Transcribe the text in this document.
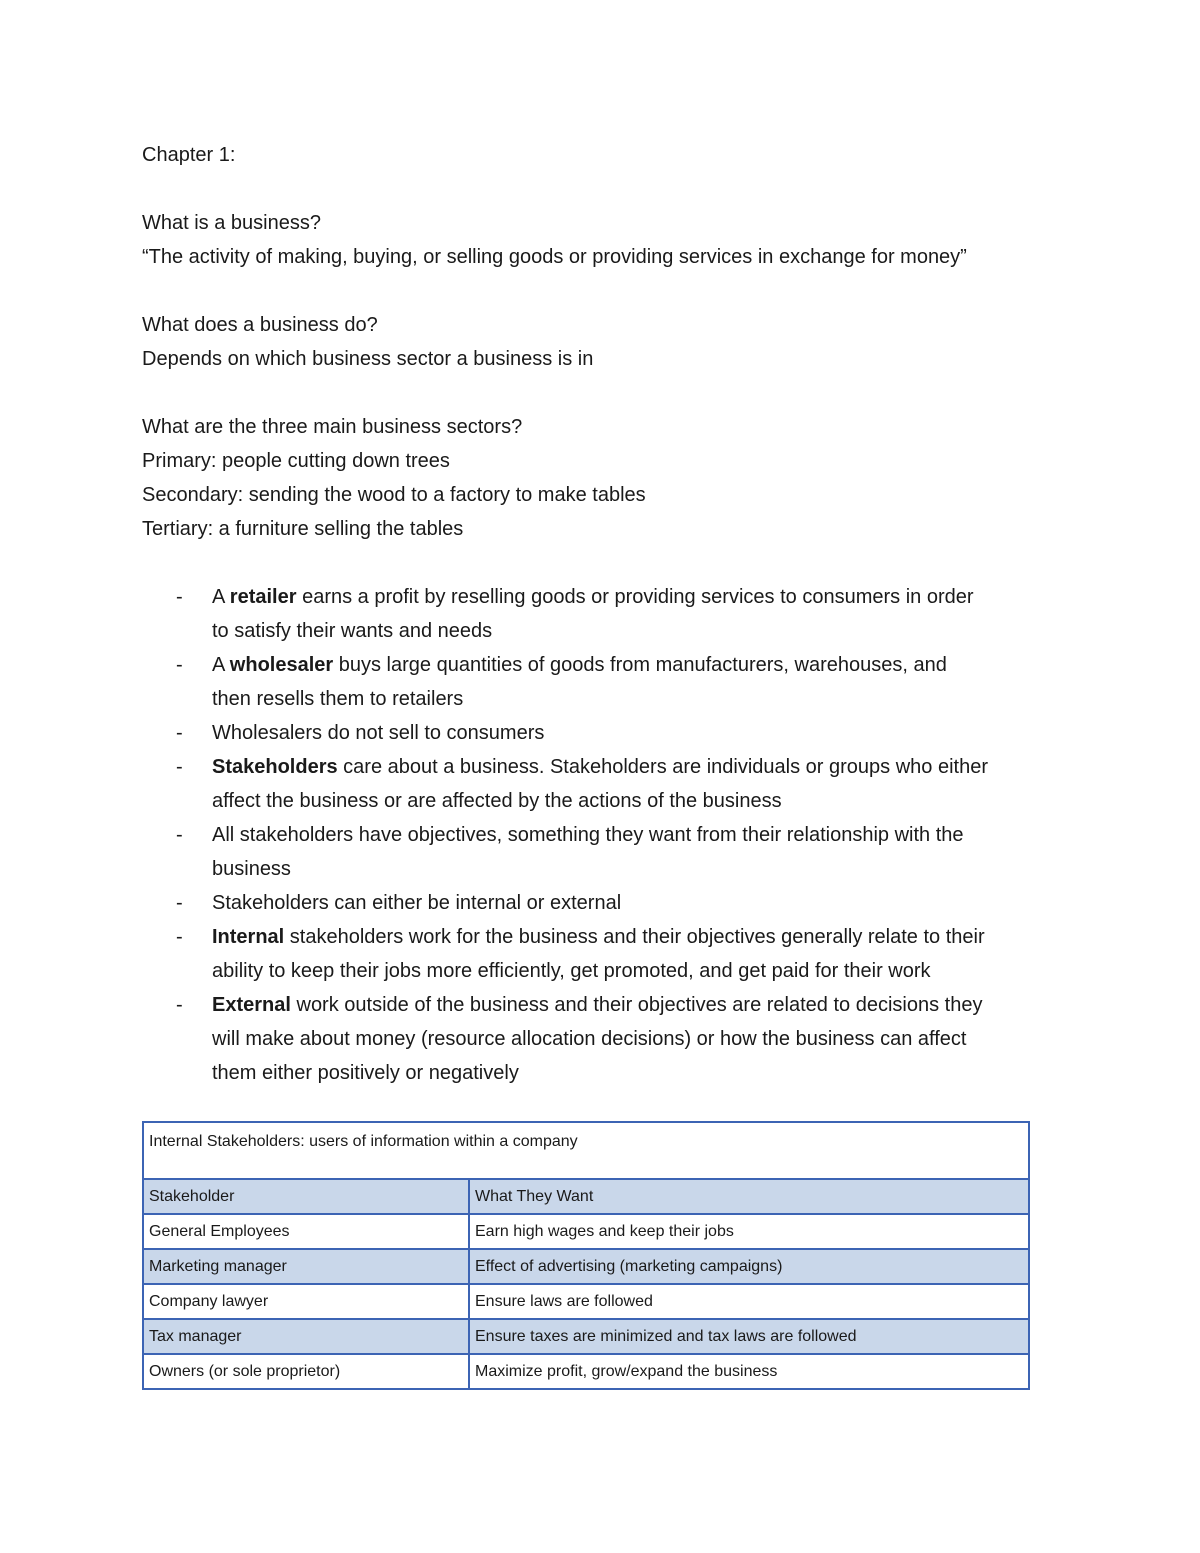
Chapter 1:
What is a business?
“The activity of making, buying, or selling goods or providing services in exchange for money”
What does a business do?
Depends on which business sector a business is in
What are the three main business sectors?
Primary: people cutting down trees
Secondary: sending the wood to a factory to make tables
Tertiary: a furniture selling the tables
- A retailer earns a profit by reselling goods or providing services to consumers in order
to satisfy their wants and needs
- A wholesaler buys large quantities of goods from manufacturers, warehouses, and
then resells them to retailers
- Wholesalers do not sell to consumers
- Stakeholders care about a business. Stakeholders are individuals or groups who either
affect the business or are affected by the actions of the business
- All stakeholders have objectives, something they want from their relationship with the
business
- Stakeholders can either be internal or external
- Internal stakeholders work for the business and their objectives generally relate to their
ability to keep their jobs more efficiently, get promoted, and get paid for their work
- External work outside of the business and their objectives are related to decisions they
will make about money (resource allocation decisions) or how the business can affect
them either positively or negatively
Internal Stakeholders: users of information within a company	
Stakeholder	What They Want
General Employees	Earn high wages and keep their jobs
Marketing manager	Effect of advertising (marketing campaigns)
Company lawyer	Ensure laws are followed
Tax manager	Ensure taxes are minimized and tax laws are followed
Owners (or sole proprietor)	Maximize profit, grow/expand the business
